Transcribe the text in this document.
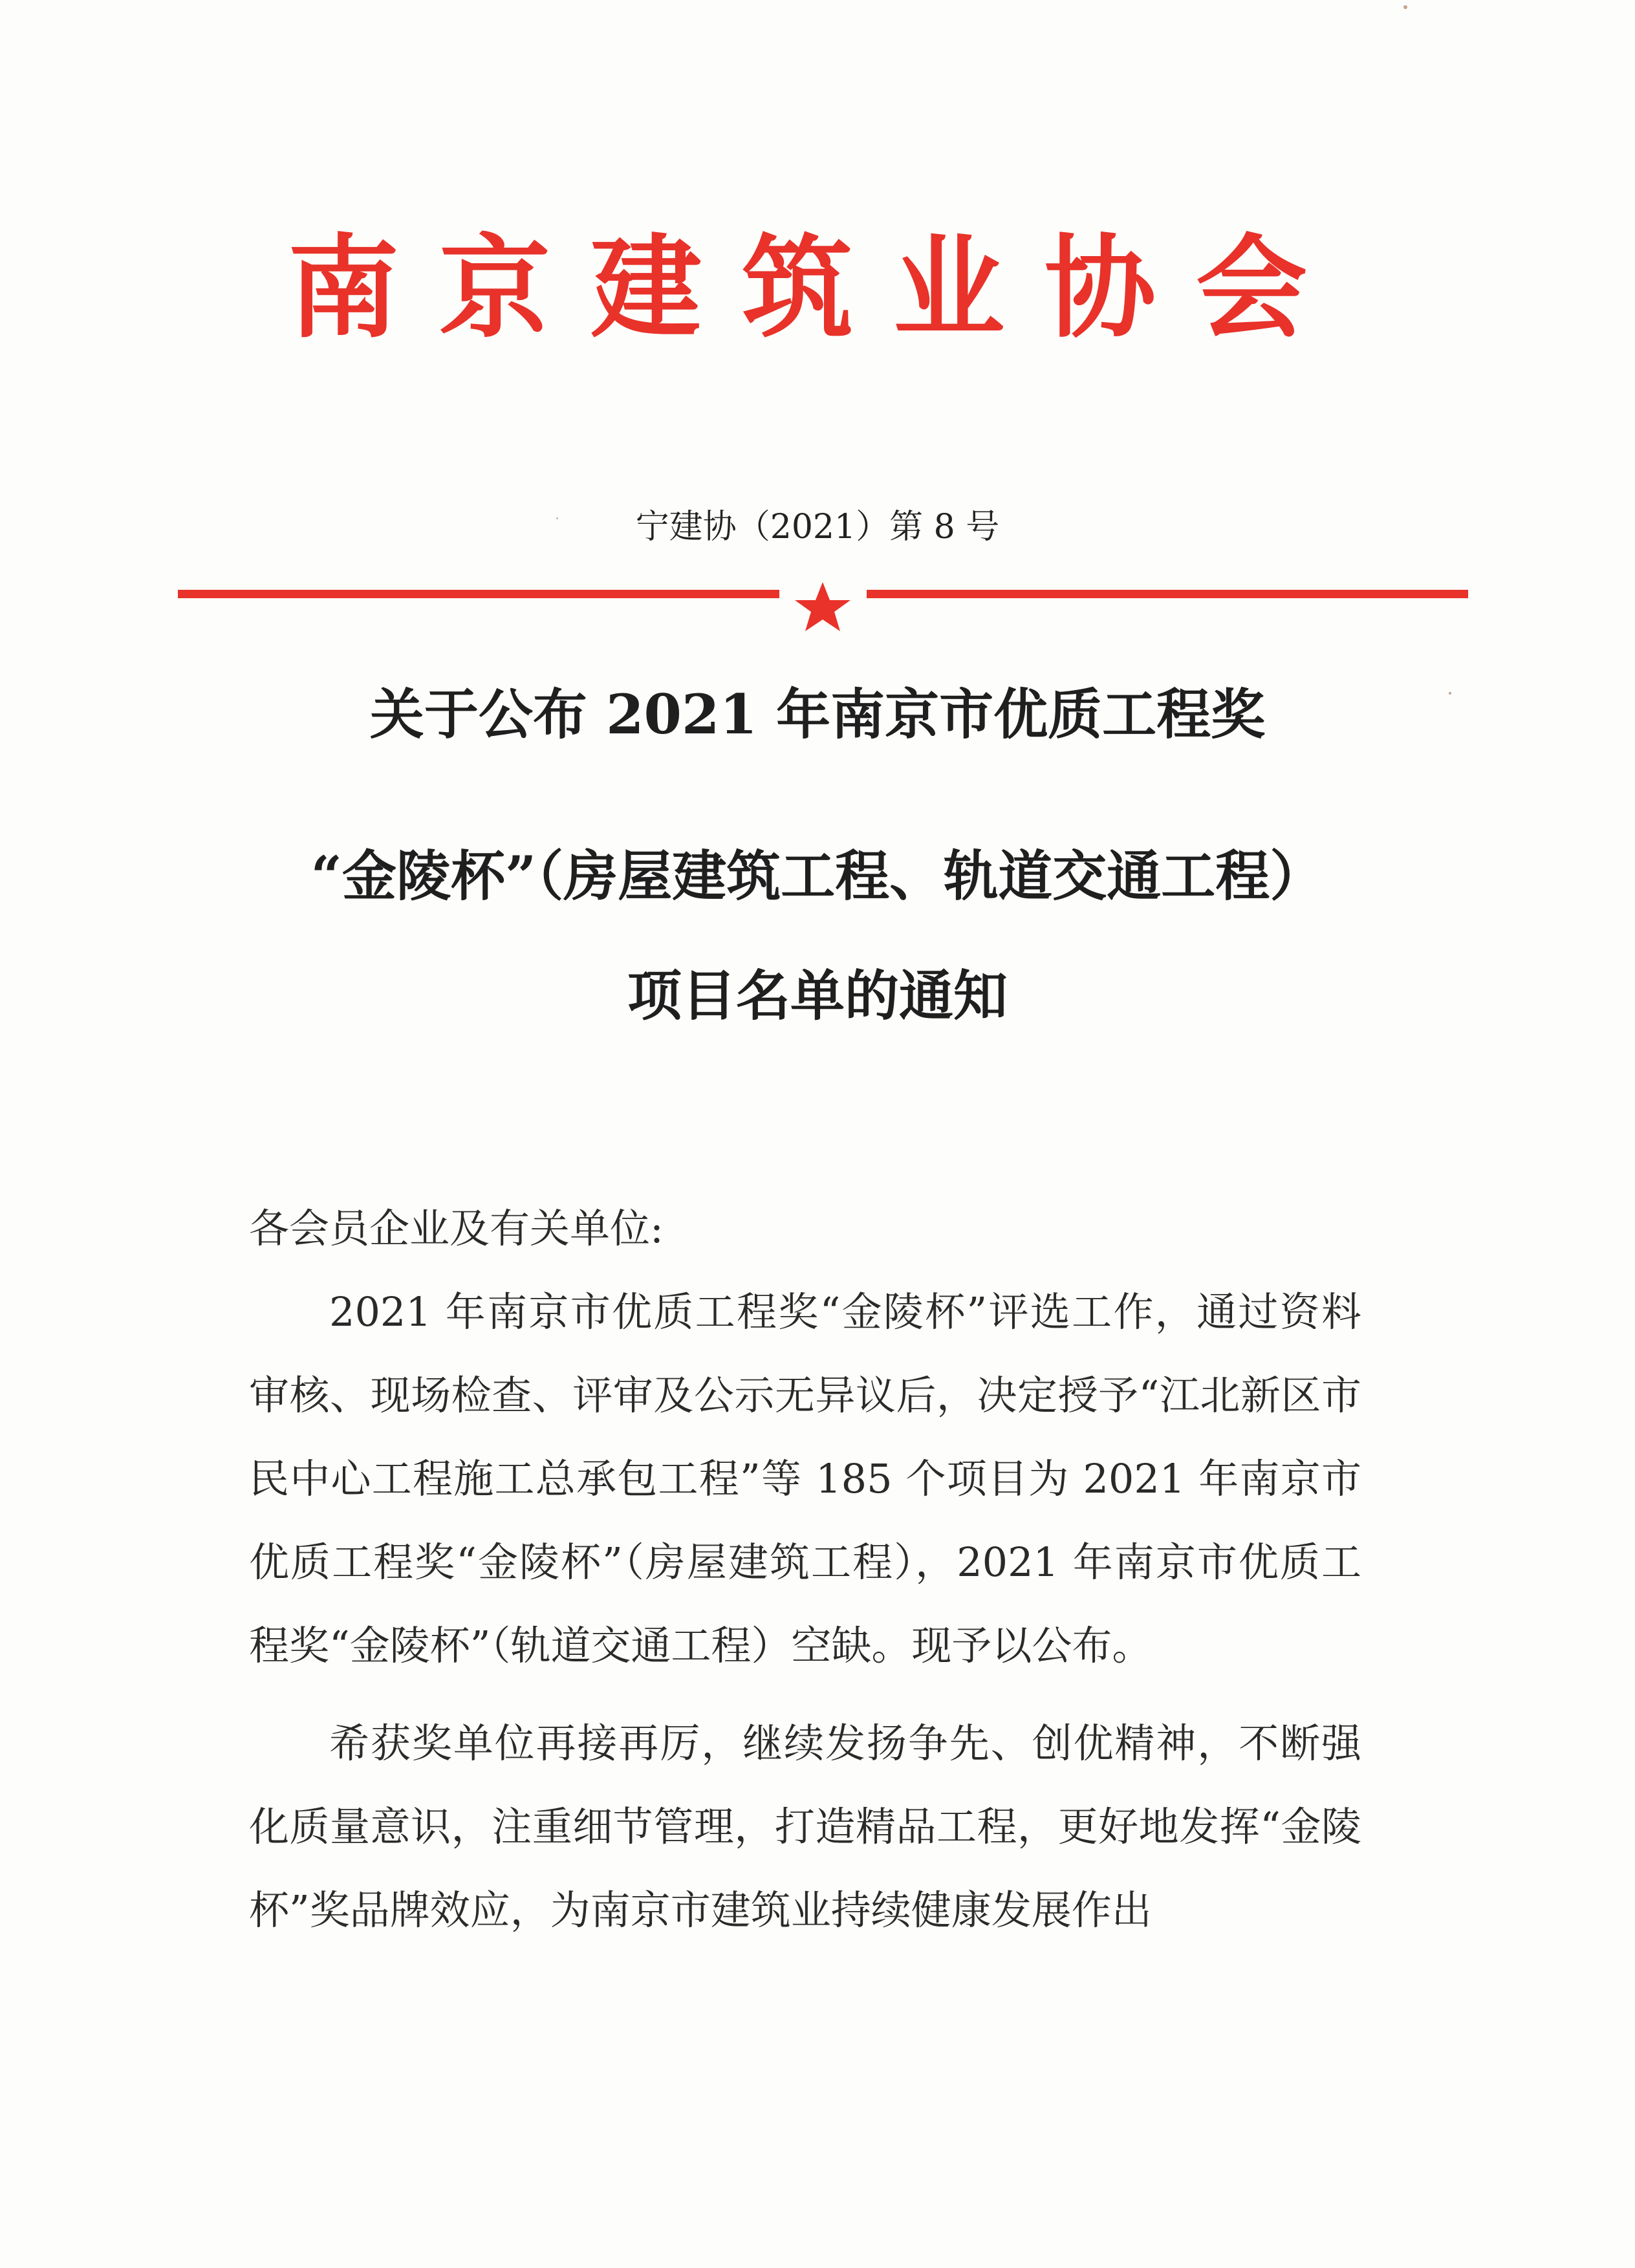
南京建筑业协会
宁建协（2021）第 8 号
关于公布 2021 年南京市优质工程奖
“金陵杯”（房屋建筑工程、轨道交通工程）
项目名单的通知

各会员企业及有关单位:

2021 年南京市优质工程奖“金陵杯”评选工作，通过资料审核、现场检查、评审及公示无异议后，决定授予“江北新区市民中心工程施工总承包工程”等 185 个项目为 2021 年南京市优质工程奖“金陵杯”（房屋建筑工程），2021 年南京市优质工程奖“金陵杯”（轨道交通工程）空缺。现予以公布。

希获奖单位再接再厉，继续发扬争先、创优精神，不断强化质量意识，注重细节管理，打造精品工程，更好地发挥“金陵杯”奖品牌效应，为南京市建筑业持续健康发展作出
